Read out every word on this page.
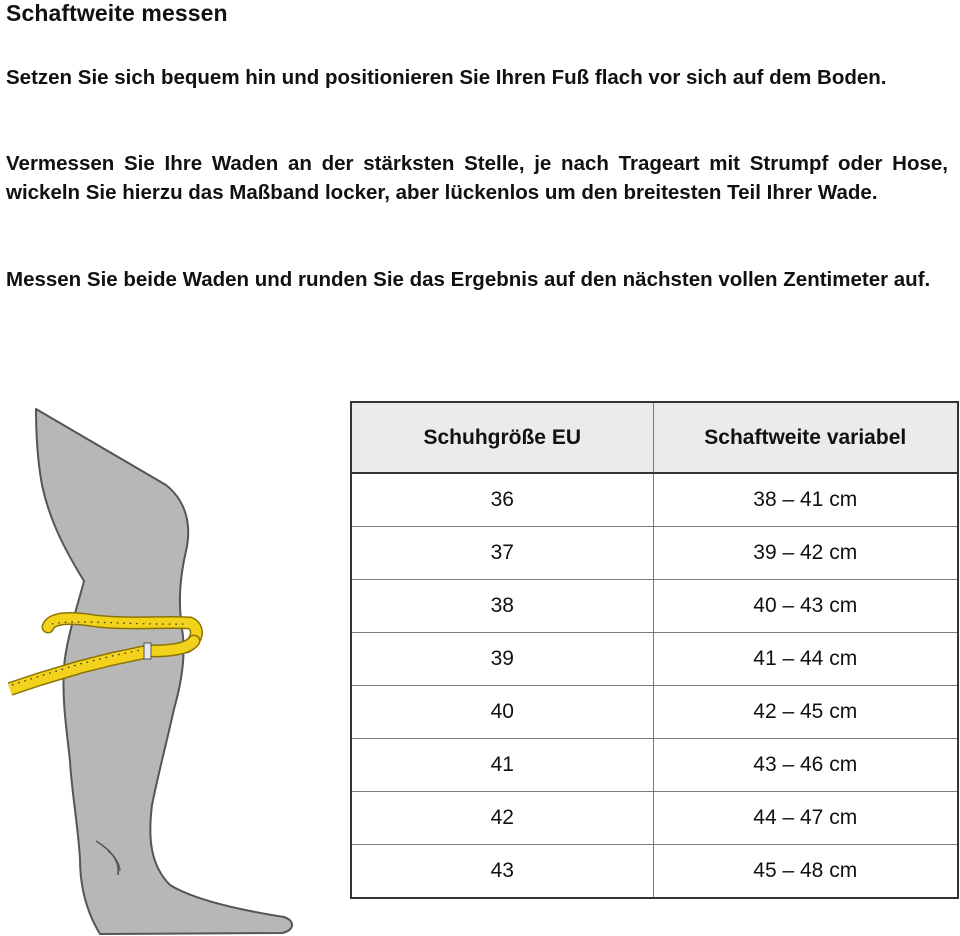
Schaftweite messen

Setzen Sie sich bequem hin und positionieren Sie Ihren Fuß flach vor sich auf dem Boden.

Vermessen Sie Ihre Waden an der stärksten Stelle, je nach Trageart mit Strumpf oder Hose, wickeln Sie hierzu das Maßband locker, aber lückenlos um den breitesten Teil Ihrer Wade.

Messen Sie beide Waden und runden Sie das Ergebnis auf den nächsten vollen Zentimeter auf.

Schuhgröße EU	Schaftweite variabel
36	38 – 41 cm
37	39 – 42 cm
38	40 – 43 cm
39	41 – 44 cm
40	42 – 45 cm
41	43 – 46 cm
42	44 – 47 cm
43	45 – 48 cm
